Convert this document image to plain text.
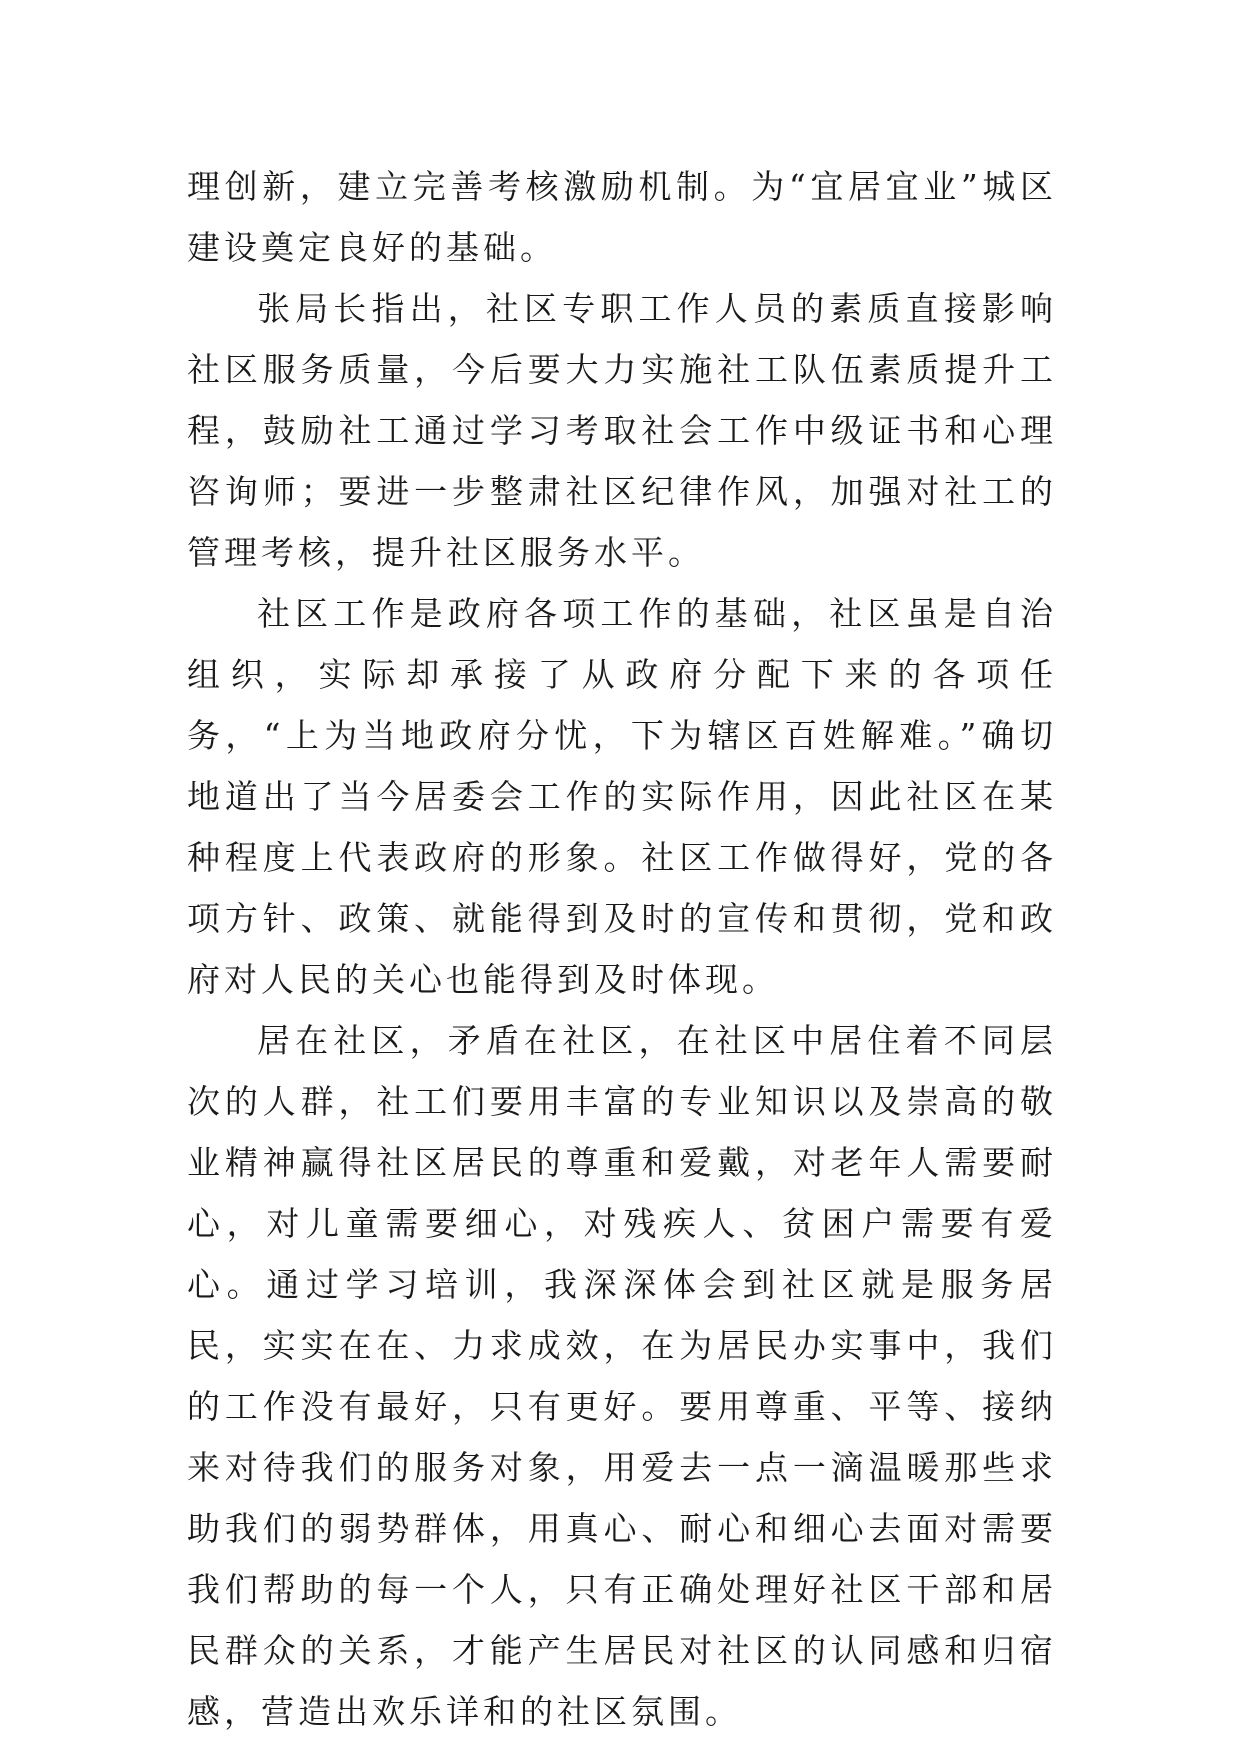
理创新，建立完善考核激励机制。为“宜居宜业”城区建设奠定良好的基础。

张局长指出，社区专职工作人员的素质直接影响社区服务质量，今后要大力实施社工队伍素质提升工程，鼓励社工通过学习考取社会工作中级证书和心理咨询师；要进一步整肃社区纪律作风，加强对社工的管理考核，提升社区服务水平。

社区工作是政府各项工作的基础，社区虽是自治组织，实际却承接了从政府分配下来的各项任务，“上为当地政府分忧，下为辖区百姓解难。”确切地道出了当今居委会工作的实际作用，因此社区在某种程度上代表政府的形象。社区工作做得好，党的各项方针、政策、就能得到及时的宣传和贯彻，党和政府对人民的关心也能得到及时体现。

居在社区，矛盾在社区，在社区中居住着不同层次的人群，社工们要用丰富的专业知识以及崇高的敬业精神赢得社区居民的尊重和爱戴，对老年人需要耐心，对儿童需要细心，对残疾人、贫困户需要有爱心。通过学习培训，我深深体会到社区就是服务居民，实实在在、力求成效，在为居民办实事中，我们的工作没有最好，只有更好。要用尊重、平等、接纳来对待我们的服务对象，用爱去一点一滴温暖那些求助我们的弱势群体，用真心、耐心和细心去面对需要我们帮助的每一个人，只有正确处理好社区干部和居民群众的关系，才能产生居民对社区的认同感和归宿感，营造出欢乐详和的社区氛围。
